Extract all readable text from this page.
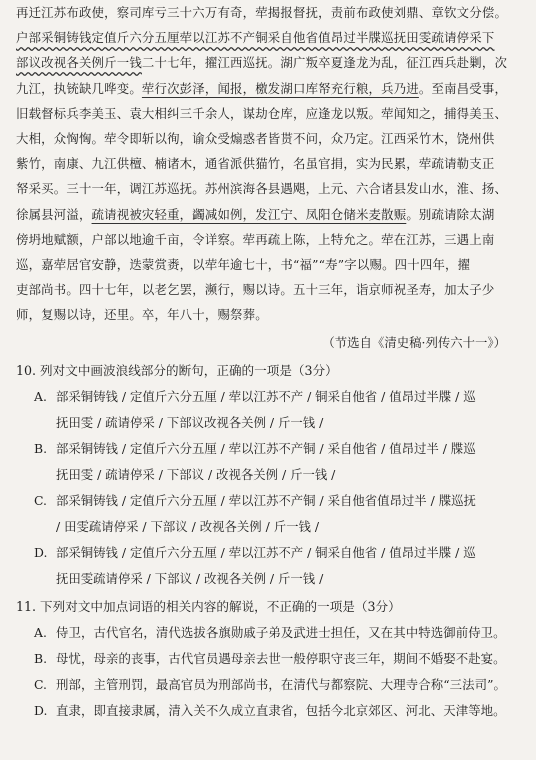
再迁江苏布政使，察司库亏三十六万有奇，荦揭报督抚，责前布政使刘鼎、章钦文分偿。

户部采铜铸钱定值斤六分五厘荦以江苏不产铜采自他省值昂过半牒巡抚田雯疏请停采下

部议改视各关例斤一钱二十七年，擢江西巡抚。湖广叛卒夏逢龙为乱，征江西兵赴剿，次

九江，执铳缺几哗变。荦行次彭泽，闻报，檄发湖口库帑充行粮，兵乃进。至南昌受事，

旧载督标兵李美玉、袁大相纠三千余人，谋劫仓库，应逢龙以叛。荦闻知之，捕得美玉、

大相，众恟恟。荦令即斩以徇，谕众受煽惑者皆贳不问，众乃定。江西采竹木，饶州供

紫竹，南康、九江供檀、楠诸木，通省派供猫竹，名虽官捐，实为民累，荦疏请勒支正

帑采买。三十一年，调江苏巡抚。苏州滨海各县遇飓，上元、六合诸县发山水，淮、扬、

徐属县河溢，疏请视被灾轻重，蠲减如例，发江宁、凤阳仓储米麦散赈。别疏请除太湖

傍坍地赋额，户部以地逾千亩，令详察。荦再疏上陈，上特允之。荦在江苏，三遇上南

巡，嘉荦居官安静，迭蒙赏赉，以荦年逾七十，书“福”“寿”字以赐。四十四年，擢

吏部尚书。四十七年，以老乞罢，濒行，赐以诗。五十三年，诣京师祝圣寿，加太子少

师，复赐以诗，还里。卒，年八十，赐祭葬。

（节选自《清史稿·列传六十一》）
10. 列对文中画波浪线部分的断句，正确的一项是（3分）
A. 部采铜铸钱 / 定值斤六分五厘 / 荦以江苏不产 / 铜采自他省 / 值昂过半牒 / 巡
抚田雯 / 疏请停采 / 下部议改视各关例 / 斤一钱 /
B. 部采铜铸钱 / 定值斤六分五厘 / 荦以江苏不产铜 / 采自他省 / 值昂过半 / 牒巡
抚田雯 / 疏请停采 / 下部议 / 改视各关例 / 斤一钱 /
C. 部采铜铸钱 / 定值斤六分五厘 / 荦以江苏不产铜 / 采自他省值昂过半 / 牒巡抚
/ 田雯疏请停采 / 下部议 / 改视各关例 / 斤一钱 /
D. 部采铜铸钱 / 定值斤六分五厘 / 荦以江苏不产 / 铜采自他省 / 值昂过半牒 / 巡
抚田雯疏请停采 / 下部议 / 改视各关例 / 斤一钱 /
11. 下列对文中加点词语的相关内容的解说，不正确的一项是（3分）
A. 侍卫，古代官名，清代选拔各旗勋戚子弟及武进士担任，又在其中特选御前侍卫。
B. 母忧，母亲的丧事，古代官员遇母亲去世一般停职守丧三年，期间不婚娶不赴宴。
C. 刑部，主管刑罚，最高官员为刑部尚书，在清代与都察院、大理寺合称“三法司”。
D. 直隶，即直接隶属，清入关不久成立直隶省，包括今北京郊区、河北、天津等地。
